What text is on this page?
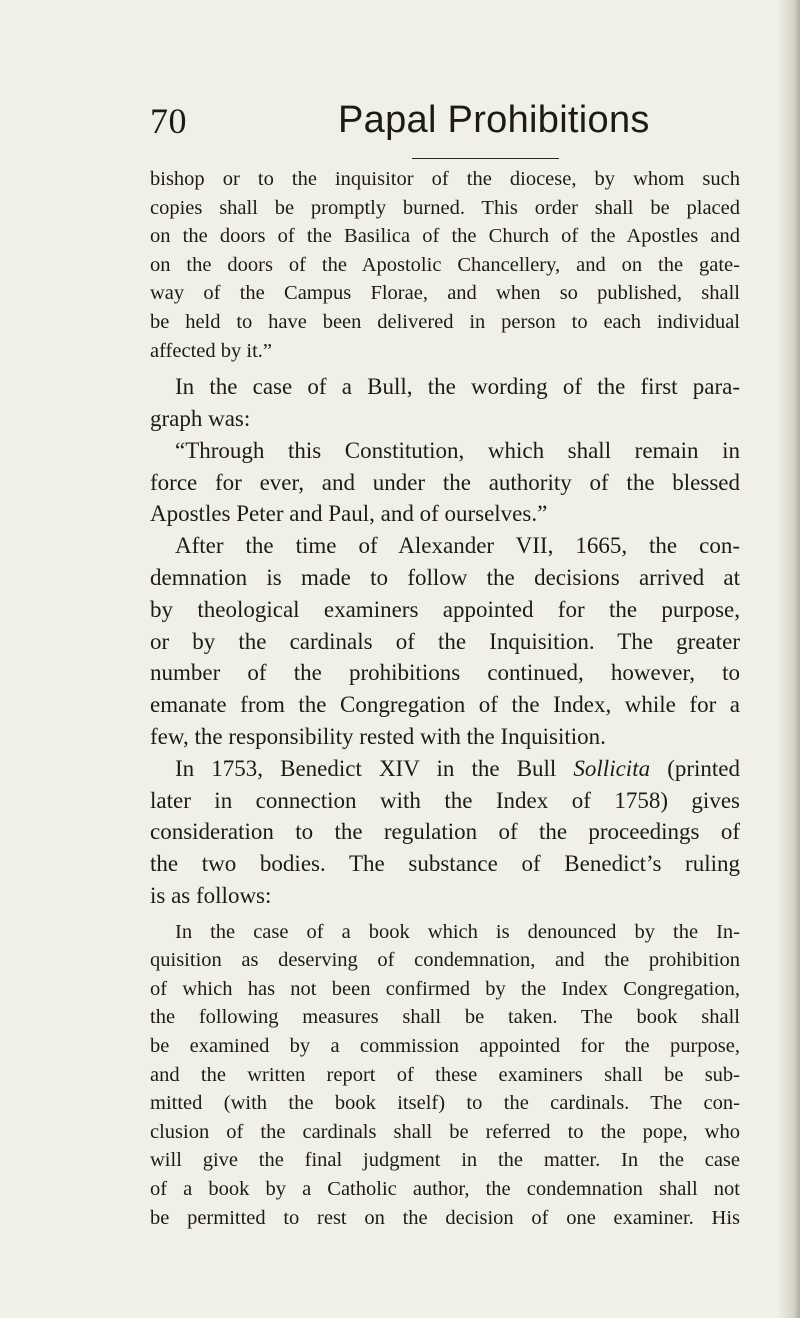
70	Papal Prohibitions
bishop or to the inquisitor of the diocese, by whom such
copies shall be promptly burned. This order shall be placed
on the doors of the Basilica of the Church of the Apostles and
on the doors of the Apostolic Chancellery, and on the gate-
way of the Campus Florae, and when so published, shall
be held to have been delivered in person to each individual
affected by it.”
In the case of a Bull, the wording of the first para-
graph was:
“Through this Constitution, which shall remain in
force for ever, and under the authority of the blessed
Apostles Peter and Paul, and of ourselves.”
After the time of Alexander VII, 1665, the con-
demnation is made to follow the decisions arrived at
by theological examiners appointed for the purpose,
or by the cardinals of the Inquisition. The greater
number of the prohibitions continued, however, to
emanate from the Congregation of the Index, while for a
few, the responsibility rested with the Inquisition.
In 1753, Benedict XIV in the Bull Sollicita (printed
later in connection with the Index of 1758) gives
consideration to the regulation of the proceedings of
the two bodies. The substance of Benedict’s ruling
is as follows:
In the case of a book which is denounced by the In-
quisition as deserving of condemnation, and the prohibition
of which has not been confirmed by the Index Congregation,
the following measures shall be taken. The book shall
be examined by a commission appointed for the purpose,
and the written report of these examiners shall be sub-
mitted (with the book itself) to the cardinals. The con-
clusion of the cardinals shall be referred to the pope, who
will give the final judgment in the matter. In the case
of a book by a Catholic author, the condemnation shall not
be permitted to rest on the decision of one examiner. His
